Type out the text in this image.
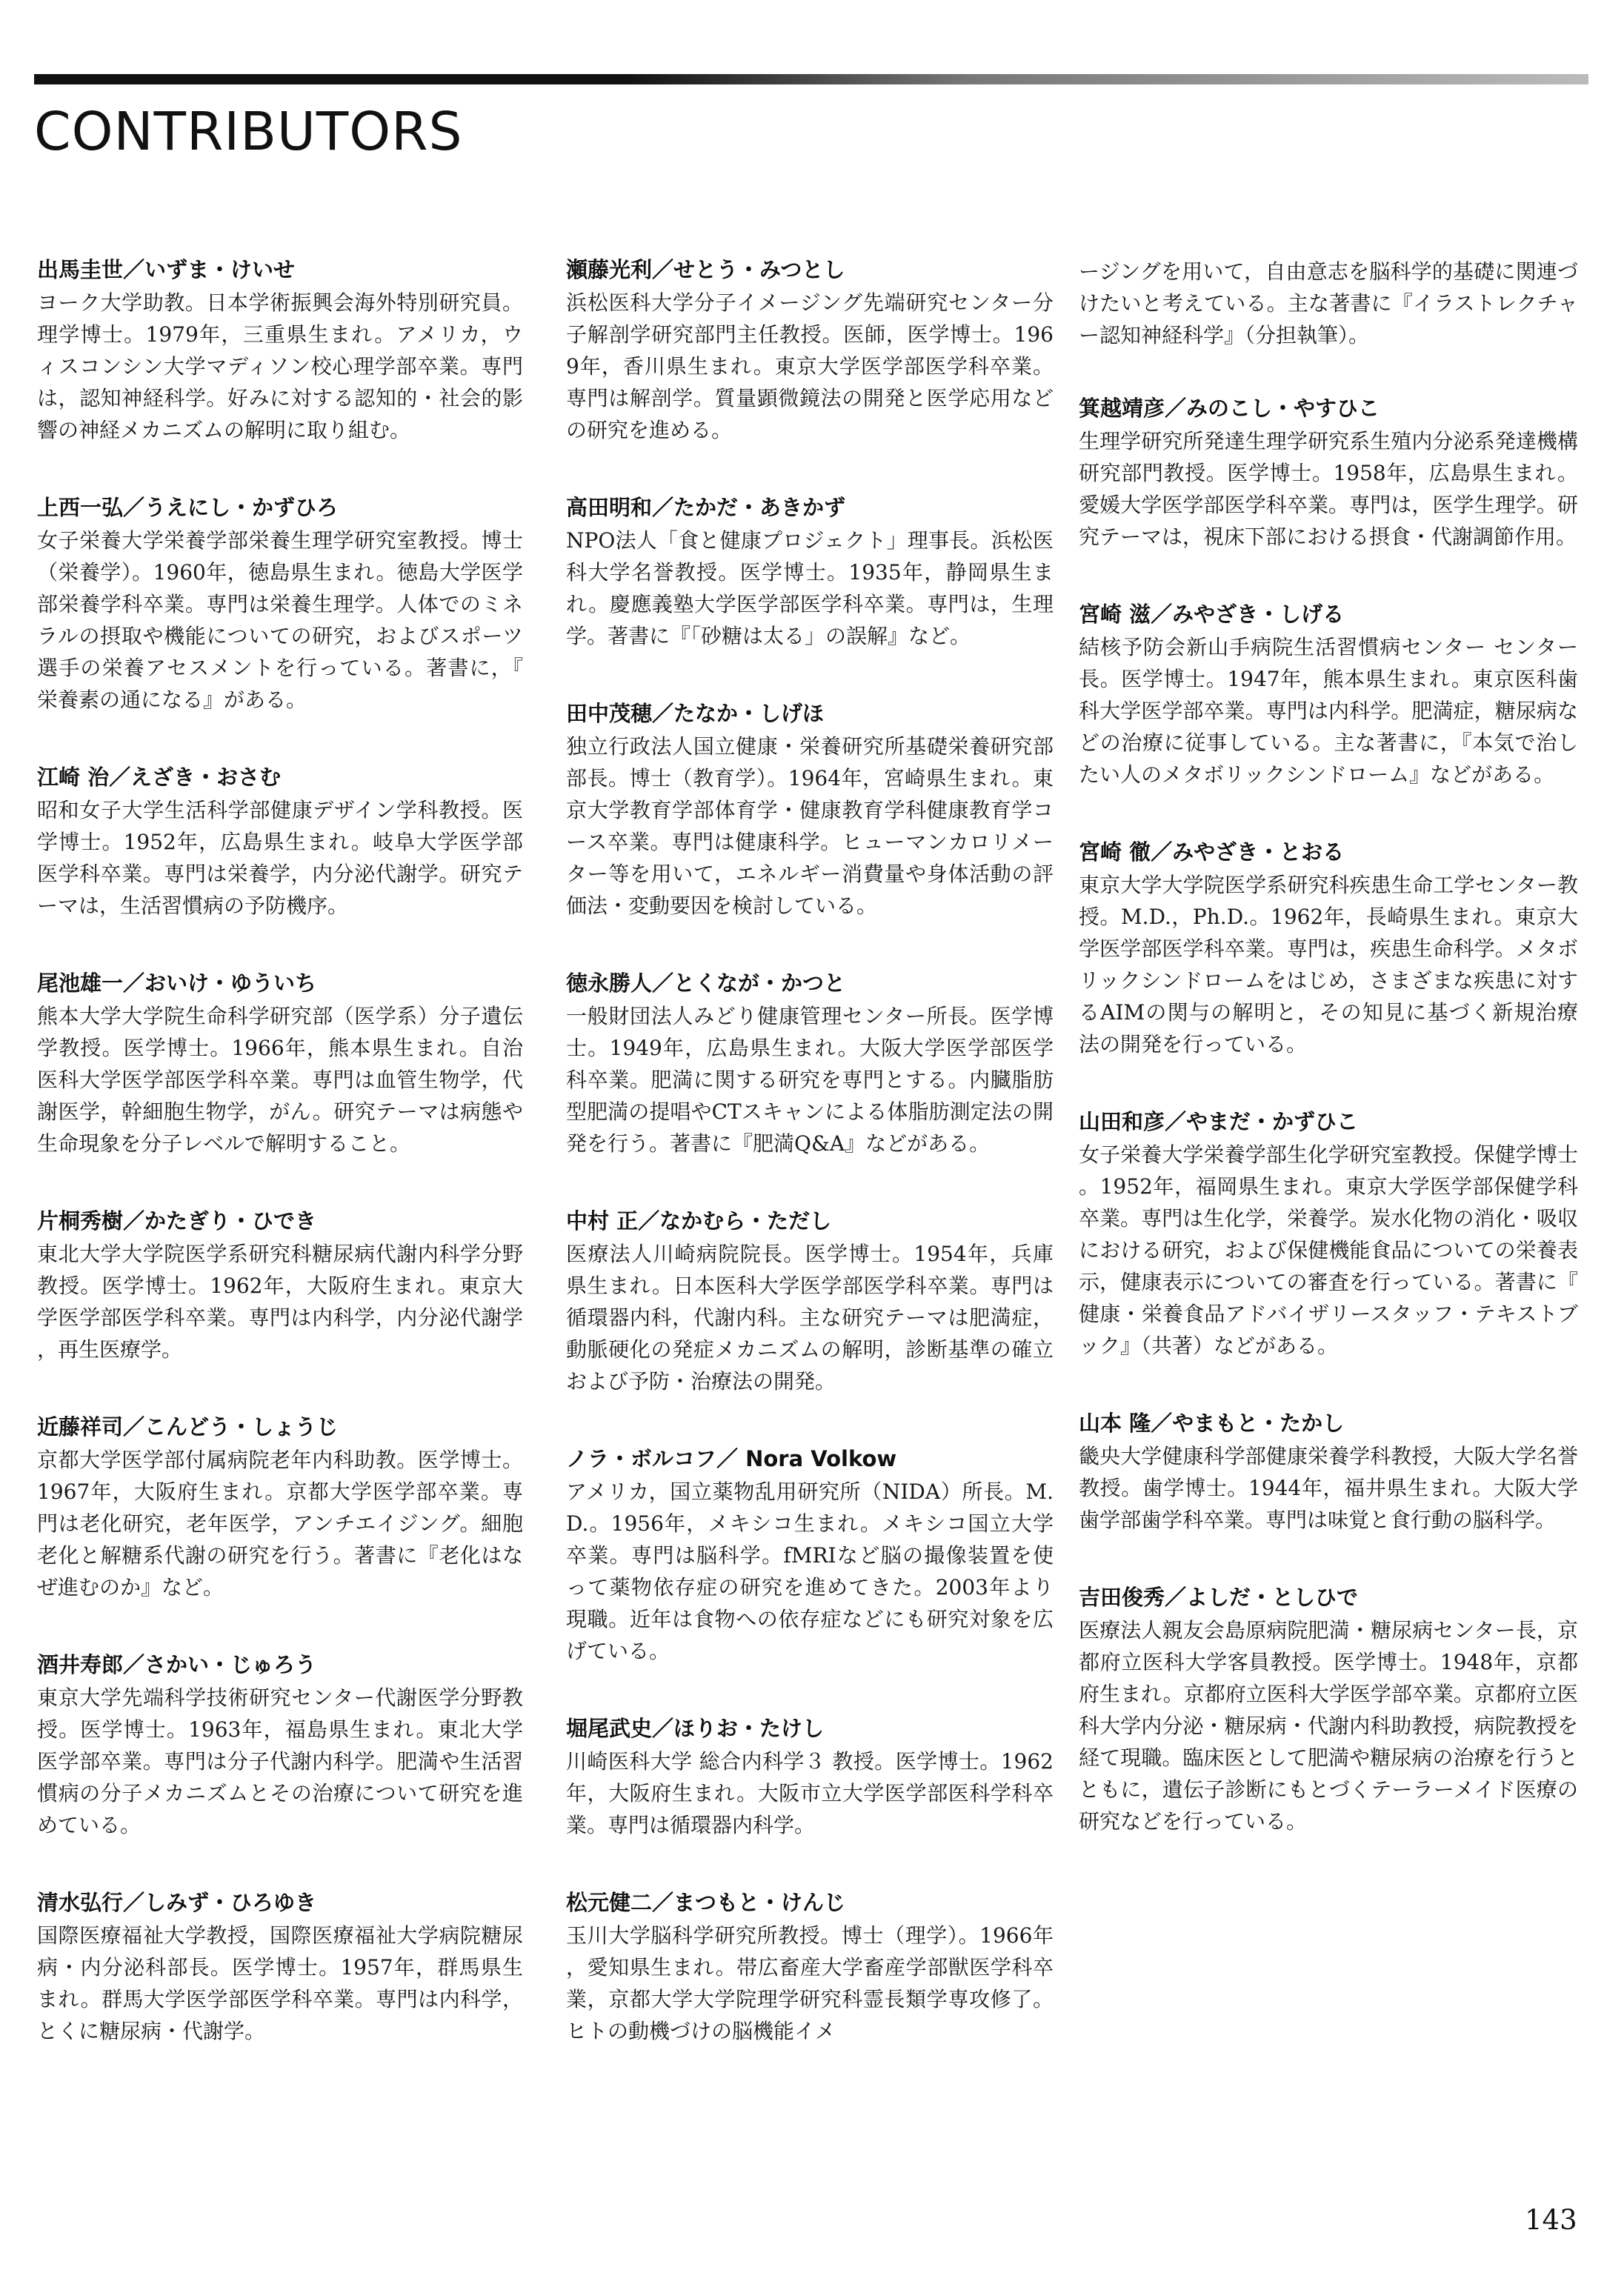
CONTRIBUTORS
出馬圭世／いずま・けいせ
ヨーク大学助教。日本学術振興会海外特別研究員。理学博士。1979年，三重県生まれ。アメリカ，ウィスコンシン大学マディソン校心理学部卒業。専門は，認知神経科学。好みに対する認知的・社会的影響の神経メカニズムの解明に取り組む。
上西一弘／うえにし・かずひろ
女子栄養大学栄養学部栄養生理学研究室教授。博士（栄養学）。1960年，徳島県生まれ。徳島大学医学部栄養学科卒業。専門は栄養生理学。人体でのミネラルの摂取や機能についての研究，およびスポーツ選手の栄養アセスメントを行っている。著書に，『栄養素の通になる』がある。
江崎 治／えざき・おさむ
昭和女子大学生活科学部健康デザイン学科教授。医学博士。1952年，広島県生まれ。岐阜大学医学部医学科卒業。専門は栄養学，内分泌代謝学。研究テーマは，生活習慣病の予防機序。
尾池雄一／おいけ・ゆういち
熊本大学大学院生命科学研究部（医学系）分子遺伝学教授。医学博士。1966年，熊本県生まれ。自治医科大学医学部医学科卒業。専門は血管生物学，代謝医学，幹細胞生物学，がん。研究テーマは病態や生命現象を分子レベルで解明すること。
片桐秀樹／かたぎり・ひでき
東北大学大学院医学系研究科糖尿病代謝内科学分野教授。医学博士。1962年，大阪府生まれ。東京大学医学部医学科卒業。専門は内科学，内分泌代謝学，再生医療学。
近藤祥司／こんどう・しょうじ
京都大学医学部付属病院老年内科助教。医学博士。1967年，大阪府生まれ。京都大学医学部卒業。専門は老化研究，老年医学，アンチエイジング。細胞老化と解糖系代謝の研究を行う。著書に『老化はなぜ進むのか』など。
酒井寿郎／さかい・じゅろう
東京大学先端科学技術研究センター代謝医学分野教授。医学博士。1963年，福島県生まれ。東北大学医学部卒業。専門は分子代謝内科学。肥満や生活習慣病の分子メカニズムとその治療について研究を進めている。
清水弘行／しみず・ひろゆき
国際医療福祉大学教授，国際医療福祉大学病院糖尿病・内分泌科部長。医学博士。1957年，群馬県生まれ。群馬大学医学部医学科卒業。専門は内科学，とくに糖尿病・代謝学。
瀬藤光利／せとう・みつとし
浜松医科大学分子イメージング先端研究センター分子解剖学研究部門主任教授。医師，医学博士。1969年，香川県生まれ。東京大学医学部医学科卒業。専門は解剖学。質量顕微鏡法の開発と医学応用などの研究を進める。
高田明和／たかだ・あきかず
NPO法人「食と健康プロジェクト」理事長。浜松医科大学名誉教授。医学博士。1935年，静岡県生まれ。慶應義塾大学医学部医学科卒業。専門は，生理学。著書に『「砂糖は太る」の誤解』など。
田中茂穂／たなか・しげほ
独立行政法人国立健康・栄養研究所基礎栄養研究部 部長。博士（教育学）。1964年，宮崎県生まれ。東京大学教育学部体育学・健康教育学科健康教育学コース卒業。専門は健康科学。ヒューマンカロリメーター等を用いて，エネルギー消費量や身体活動の評価法・変動要因を検討している。
徳永勝人／とくなが・かつと
一般財団法人みどり健康管理センター所長。医学博士。1949年，広島県生まれ。大阪大学医学部医学科卒業。肥満に関する研究を専門とする。内臓脂肪型肥満の提唱やCTスキャンによる体脂肪測定法の開発を行う。著書に『肥満Q&A』などがある。
中村 正／なかむら・ただし
医療法人川崎病院院長。医学博士。1954年，兵庫県生まれ。日本医科大学医学部医学科卒業。専門は循環器内科，代謝内科。主な研究テーマは肥満症，動脈硬化の発症メカニズムの解明，診断基準の確立および予防・治療法の開発。
ノラ・ボルコフ／ Nora Volkow
アメリカ，国立薬物乱用研究所（NIDA）所長。M.D.。1956年，メキシコ生まれ。メキシコ国立大学卒業。専門は脳科学。fMRIなど脳の撮像装置を使って薬物依存症の研究を進めてきた。2003年より現職。近年は食物への依存症などにも研究対象を広げている。
堀尾武史／ほりお・たけし
川崎医科大学 総合内科学３ 教授。医学博士。1962年，大阪府生まれ。大阪市立大学医学部医科学科卒業。専門は循環器内科学。
松元健二／まつもと・けんじ
玉川大学脳科学研究所教授。博士（理学）。1966年，愛知県生まれ。帯広畜産大学畜産学部獣医学科卒業，京都大学大学院理学研究科霊長類学専攻修了。ヒトの動機づけの脳機能イメ
ージングを用いて，自由意志を脳科学的基礎に関連づけたいと考えている。主な著書に『イラストレクチャー認知神経科学』（分担執筆）。
箕越靖彦／みのこし・やすひこ
生理学研究所発達生理学研究系生殖内分泌系発達機構研究部門教授。医学博士。1958年，広島県生まれ。愛媛大学医学部医学科卒業。専門は，医学生理学。研究テーマは，視床下部における摂食・代謝調節作用。
宮崎 滋／みやざき・しげる
結核予防会新山手病院生活習慣病センター センター長。医学博士。1947年，熊本県生まれ。東京医科歯科大学医学部卒業。専門は内科学。肥満症，糖尿病などの治療に従事している。主な著書に，『本気で治したい人のメタボリックシンドローム』などがある。
宮崎 徹／みやざき・とおる
東京大学大学院医学系研究科疾患生命工学センター教授。M.D.，Ph.D.。1962年，長崎県生まれ。東京大学医学部医学科卒業。専門は，疾患生命科学。メタボリックシンドロームをはじめ，さまざまな疾患に対するAIMの関与の解明と，その知見に基づく新規治療法の開発を行っている。
山田和彦／やまだ・かずひこ
女子栄養大学栄養学部生化学研究室教授。保健学博士。1952年，福岡県生まれ。東京大学医学部保健学科卒業。専門は生化学，栄養学。炭水化物の消化・吸収における研究，および保健機能食品についての栄養表示，健康表示についての審査を行っている。著書に『健康・栄養食品アドバイザリースタッフ・テキストブック』（共著）などがある。
山本 隆／やまもと・たかし
畿央大学健康科学部健康栄養学科教授，大阪大学名誉教授。歯学博士。1944年，福井県生まれ。大阪大学歯学部歯学科卒業。専門は味覚と食行動の脳科学。
吉田俊秀／よしだ・としひで
医療法人親友会島原病院肥満・糖尿病センター長，京都府立医科大学客員教授。医学博士。1948年，京都府生まれ。京都府立医科大学医学部卒業。京都府立医科大学内分泌・糖尿病・代謝内科助教授，病院教授を経て現職。臨床医として肥満や糖尿病の治療を行うとともに，遺伝子診断にもとづくテーラーメイド医療の研究などを行っている。
143
